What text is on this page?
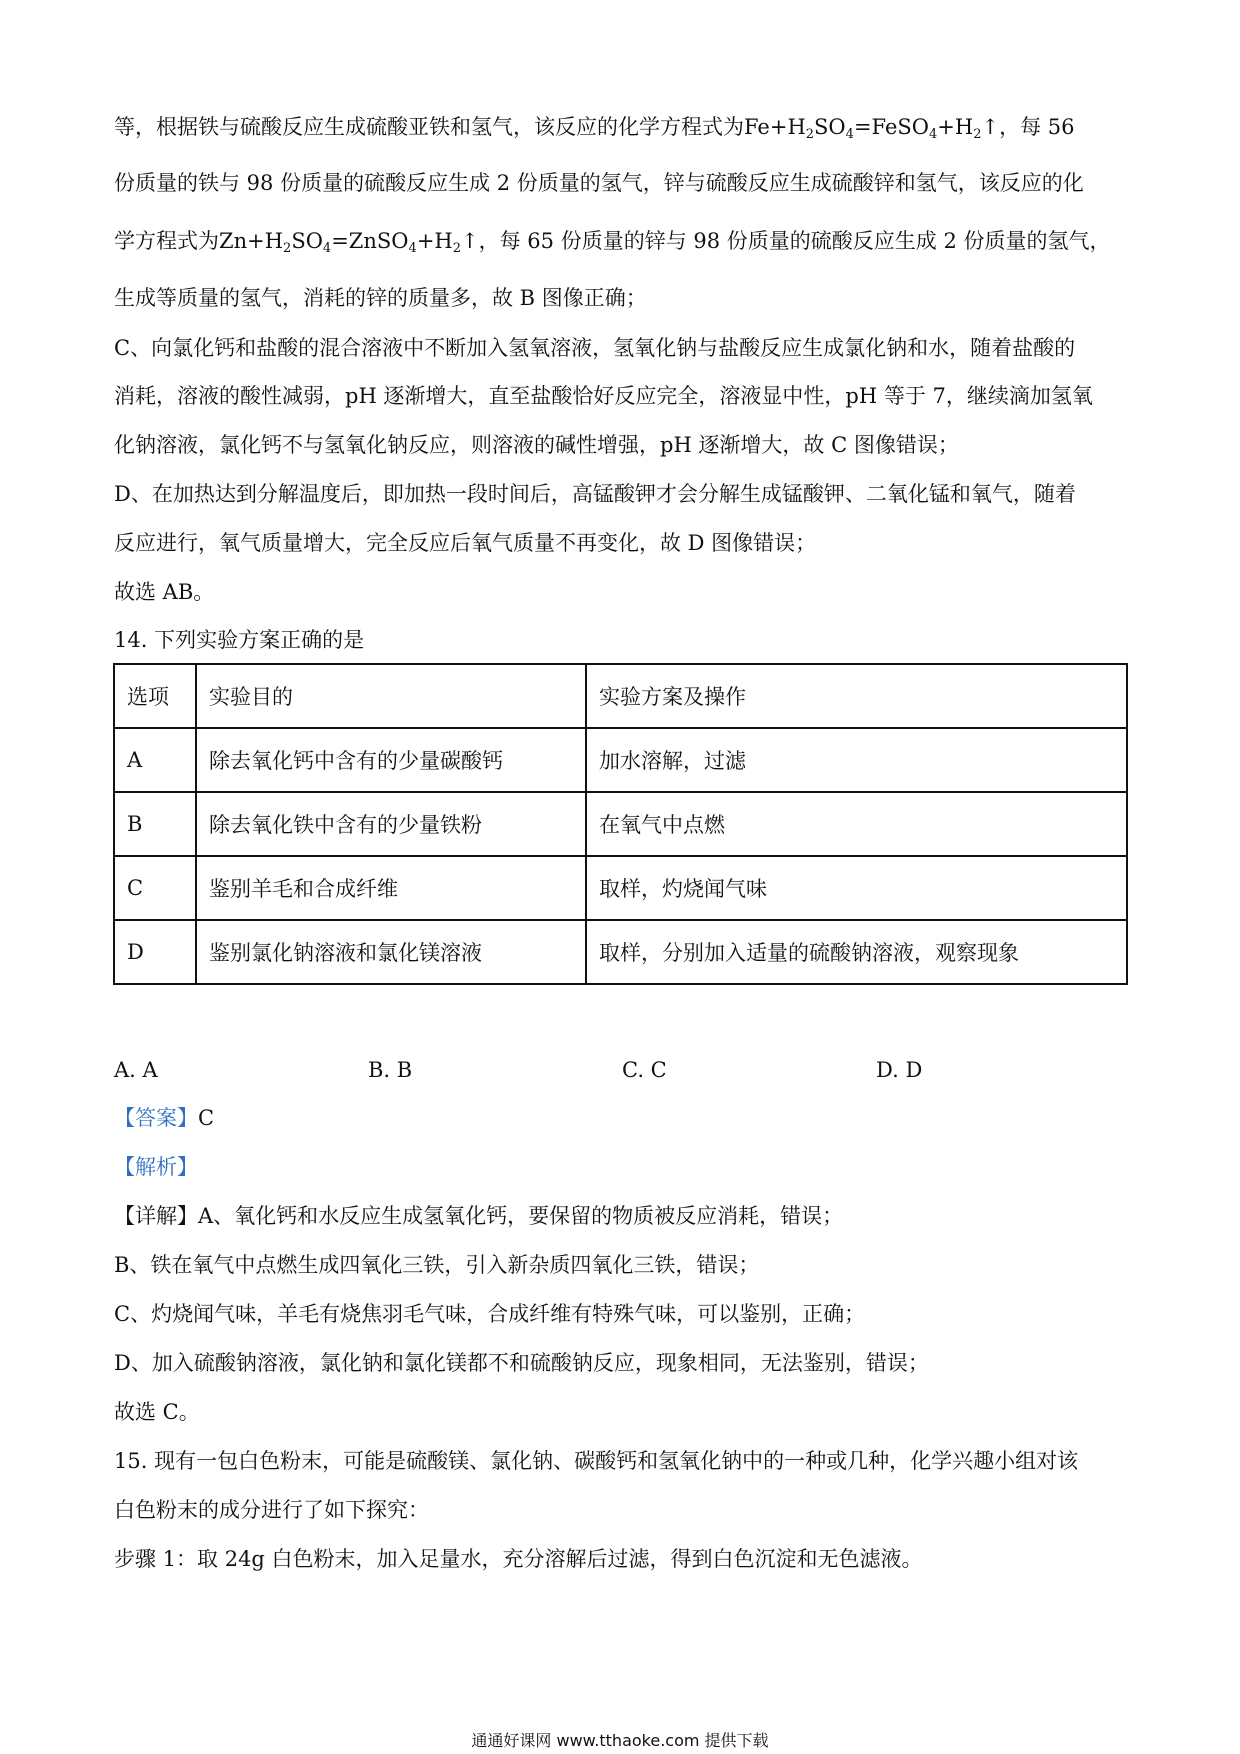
等，根据铁与硫酸反应生成硫酸亚铁和氢气，该反应的化学方程式为$Fe+H_2SO_4=FeSO_4+H_2↑$，每 56
份质量的铁与 98 份质量的硫酸反应生成 2 份质量的氢气，锌与硫酸反应生成硫酸锌和氢气，该反应的化
学方程式为$Zn+H_2SO_4=ZnSO_4+H_2↑$，每 65 份质量的锌与 98 份质量的硫酸反应生成 2 份质量的氢气，
生成等质量的氢气，消耗的锌的质量多，故 B 图像正确；
C、向氯化钙和盐酸的混合溶液中不断加入氢氧溶液，氢氧化钠与盐酸反应生成氯化钠和水，随着盐酸的
消耗，溶液的酸性减弱，pH 逐渐增大，直至盐酸恰好反应完全，溶液显中性，pH 等于 7，继续滴加氢氧
化钠溶液，氯化钙不与氢氧化钠反应，则溶液的碱性增强，pH 逐渐增大，故 C 图像错误；
D、在加热达到分解温度后，即加热一段时间后，高锰酸钾才会分解生成锰酸钾、二氧化锰和氧气，随着
反应进行，氧气质量增大，完全反应后氧气质量不再变化，故 D 图像错误；
故选 AB。
14. 下列实验方案正确的是
选项	实验目的	实验方案及操作
A	除去氧化钙中含有的少量碳酸钙	加水溶解，过滤
B	除去氧化铁中含有的少量铁粉	在氧气中点燃
C	鉴别羊毛和合成纤维	取样，灼烧闻气味
D	鉴别氯化钠溶液和氯化镁溶液	取样，分别加入适量的硫酸钠溶液，观察现象
A. A	B. B	C. C	D. D
【答案】C
【解析】
【详解】A、氧化钙和水反应生成氢氧化钙，要保留的物质被反应消耗，错误；
B、铁在氧气中点燃生成四氧化三铁，引入新杂质四氧化三铁，错误；
C、灼烧闻气味，羊毛有烧焦羽毛气味，合成纤维有特殊气味，可以鉴别，正确；
D、加入硫酸钠溶液，氯化钠和氯化镁都不和硫酸钠反应，现象相同，无法鉴别，错误；
故选 C。
15. 现有一包白色粉末，可能是硫酸镁、氯化钠、碳酸钙和氢氧化钠中的一种或几种，化学兴趣小组对该
白色粉末的成分进行了如下探究：
步骤 1：取 24g 白色粉末，加入足量水，充分溶解后过滤，得到白色沉淀和无色滤液。
通通好课网 www.tthaoke.com 提供下载
